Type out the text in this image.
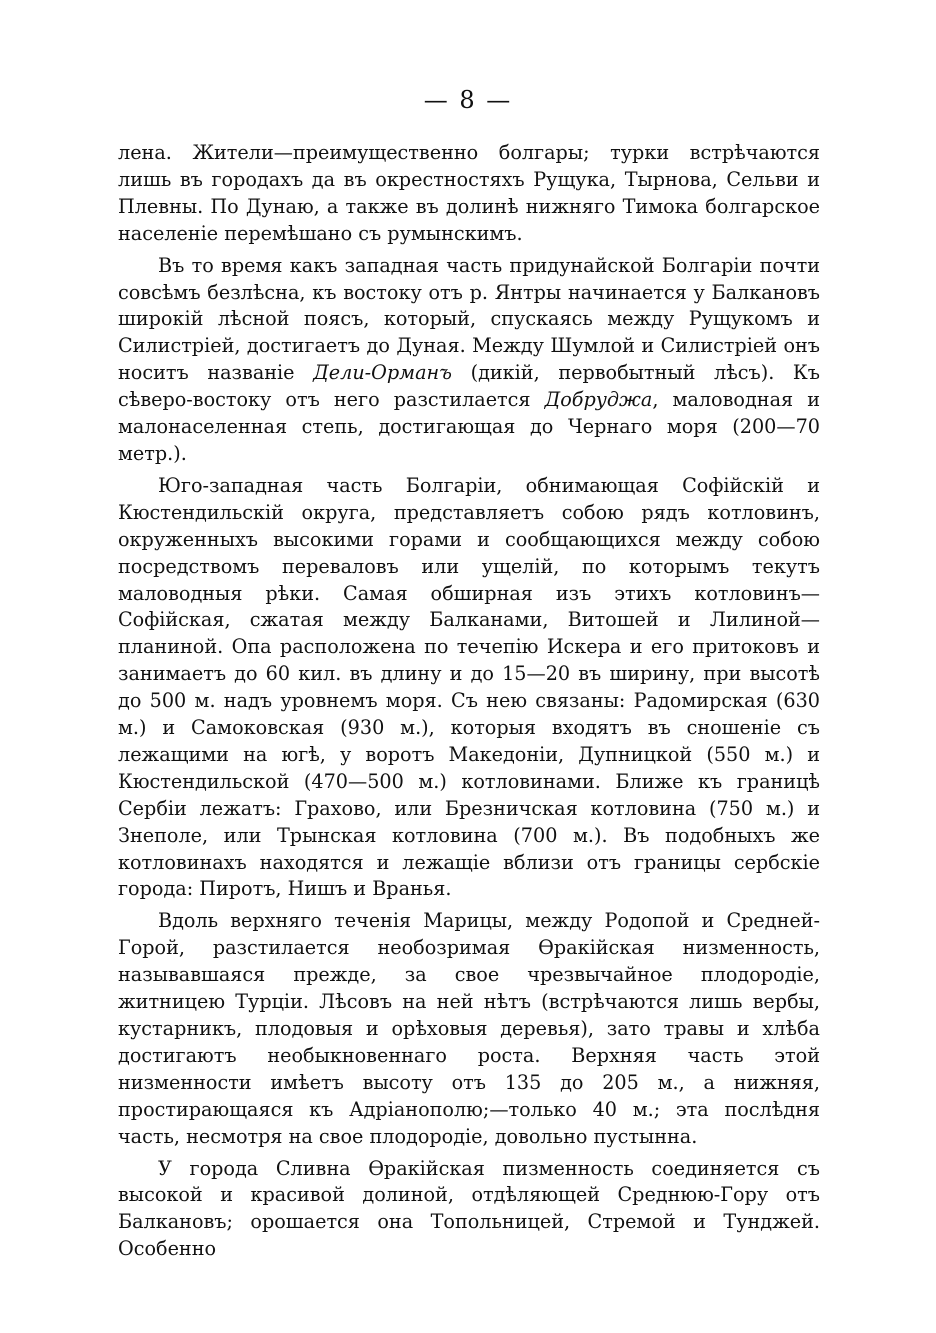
— 8 —

лена. Жители—преимущественно болгары; турки встрѣчаются лишь въ городахъ да въ окрестностяхъ Рущука, Тырнова, Сельви и Плевны. По Дунаю, а также въ долинѣ нижняго Тимока болгарское населеніе перемѣшано съ румынскимъ.

Въ то время какъ западная часть придунайской Болгаріи почти совсѣмъ безлѣсна, къ востоку отъ р. Янтры начинается у Балкановъ широкій лѣсной поясъ, который, спускаясь между Рущукомъ и Силистріей, достигаетъ до Дуная. Между Шумлой и Силистріей онъ носитъ названіе Дели-Орманъ (дикій, первобытный лѣсъ). Къ сѣверо-востоку отъ него разстилается Добруджа, маловодная и малонаселенная степь, достигающая до Чернаго моря (200—70 метр.).

Юго-западная часть Болгаріи, обнимающая Софійскій и Кюстендильскій округа, представляетъ собою рядъ котловинъ, окруженныхъ высокими горами и сообщающихся между собою посредствомъ переваловъ или ущелій, по которымъ текутъ маловодныя рѣки. Самая обширная изъ этихъ котловинъ—Софійская, сжатая между Балканами, Витошей и Лилиной—планиной. Опа расположена по течепію Искера и его притоковъ и занимаетъ до 60 кил. въ длину и до 15—20 въ ширину, при высотѣ до 500 м. надъ уровнемъ моря. Съ нею связаны: Радомирская (630 м.) и Самоковская (930 м.), которыя входятъ въ сношеніе съ лежащими на югѣ, у воротъ Македоніи, Дупницкой (550 м.) и Кюстендильской (470—500 м.) котловинами. Ближе къ границѣ Сербіи лежатъ: Грахово, или Брезничская котловина (750 м.) и Знеполе, или Трынская котловина (700 м.). Въ подобныхъ же котловинахъ находятся и лежащіе вблизи отъ границы сербскіе города: Пиротъ, Нишъ и Вранья.

Вдоль верхняго теченія Марицы, между Родопой и Средней-Горой, разстилается необозримая Ѳракійская низменность, называвшаяся прежде, за свое чрезвычайное плодородіе, житницею Турціи. Лѣсовъ на ней нѣтъ (встрѣчаются лишь вербы, кустарникъ, плодовыя и орѣховыя деревья), зато травы и хлѣба достигаютъ необыкновеннаго роста. Верхняя часть этой низменности имѣетъ высоту отъ 135 до 205 м., а нижняя, простирающаяся къ Адріанополю;—только 40 м.; эта послѣдня часть, несмотря на свое плодородіе, довольно пустынна.

У города Сливна Ѳракійская пизменность соединяется съ высокой и красивой долиной, отдѣляющей Среднюю-Гору отъ Балкановъ; орошается она Топольницей, Стремой и Тунджей. Особенно
